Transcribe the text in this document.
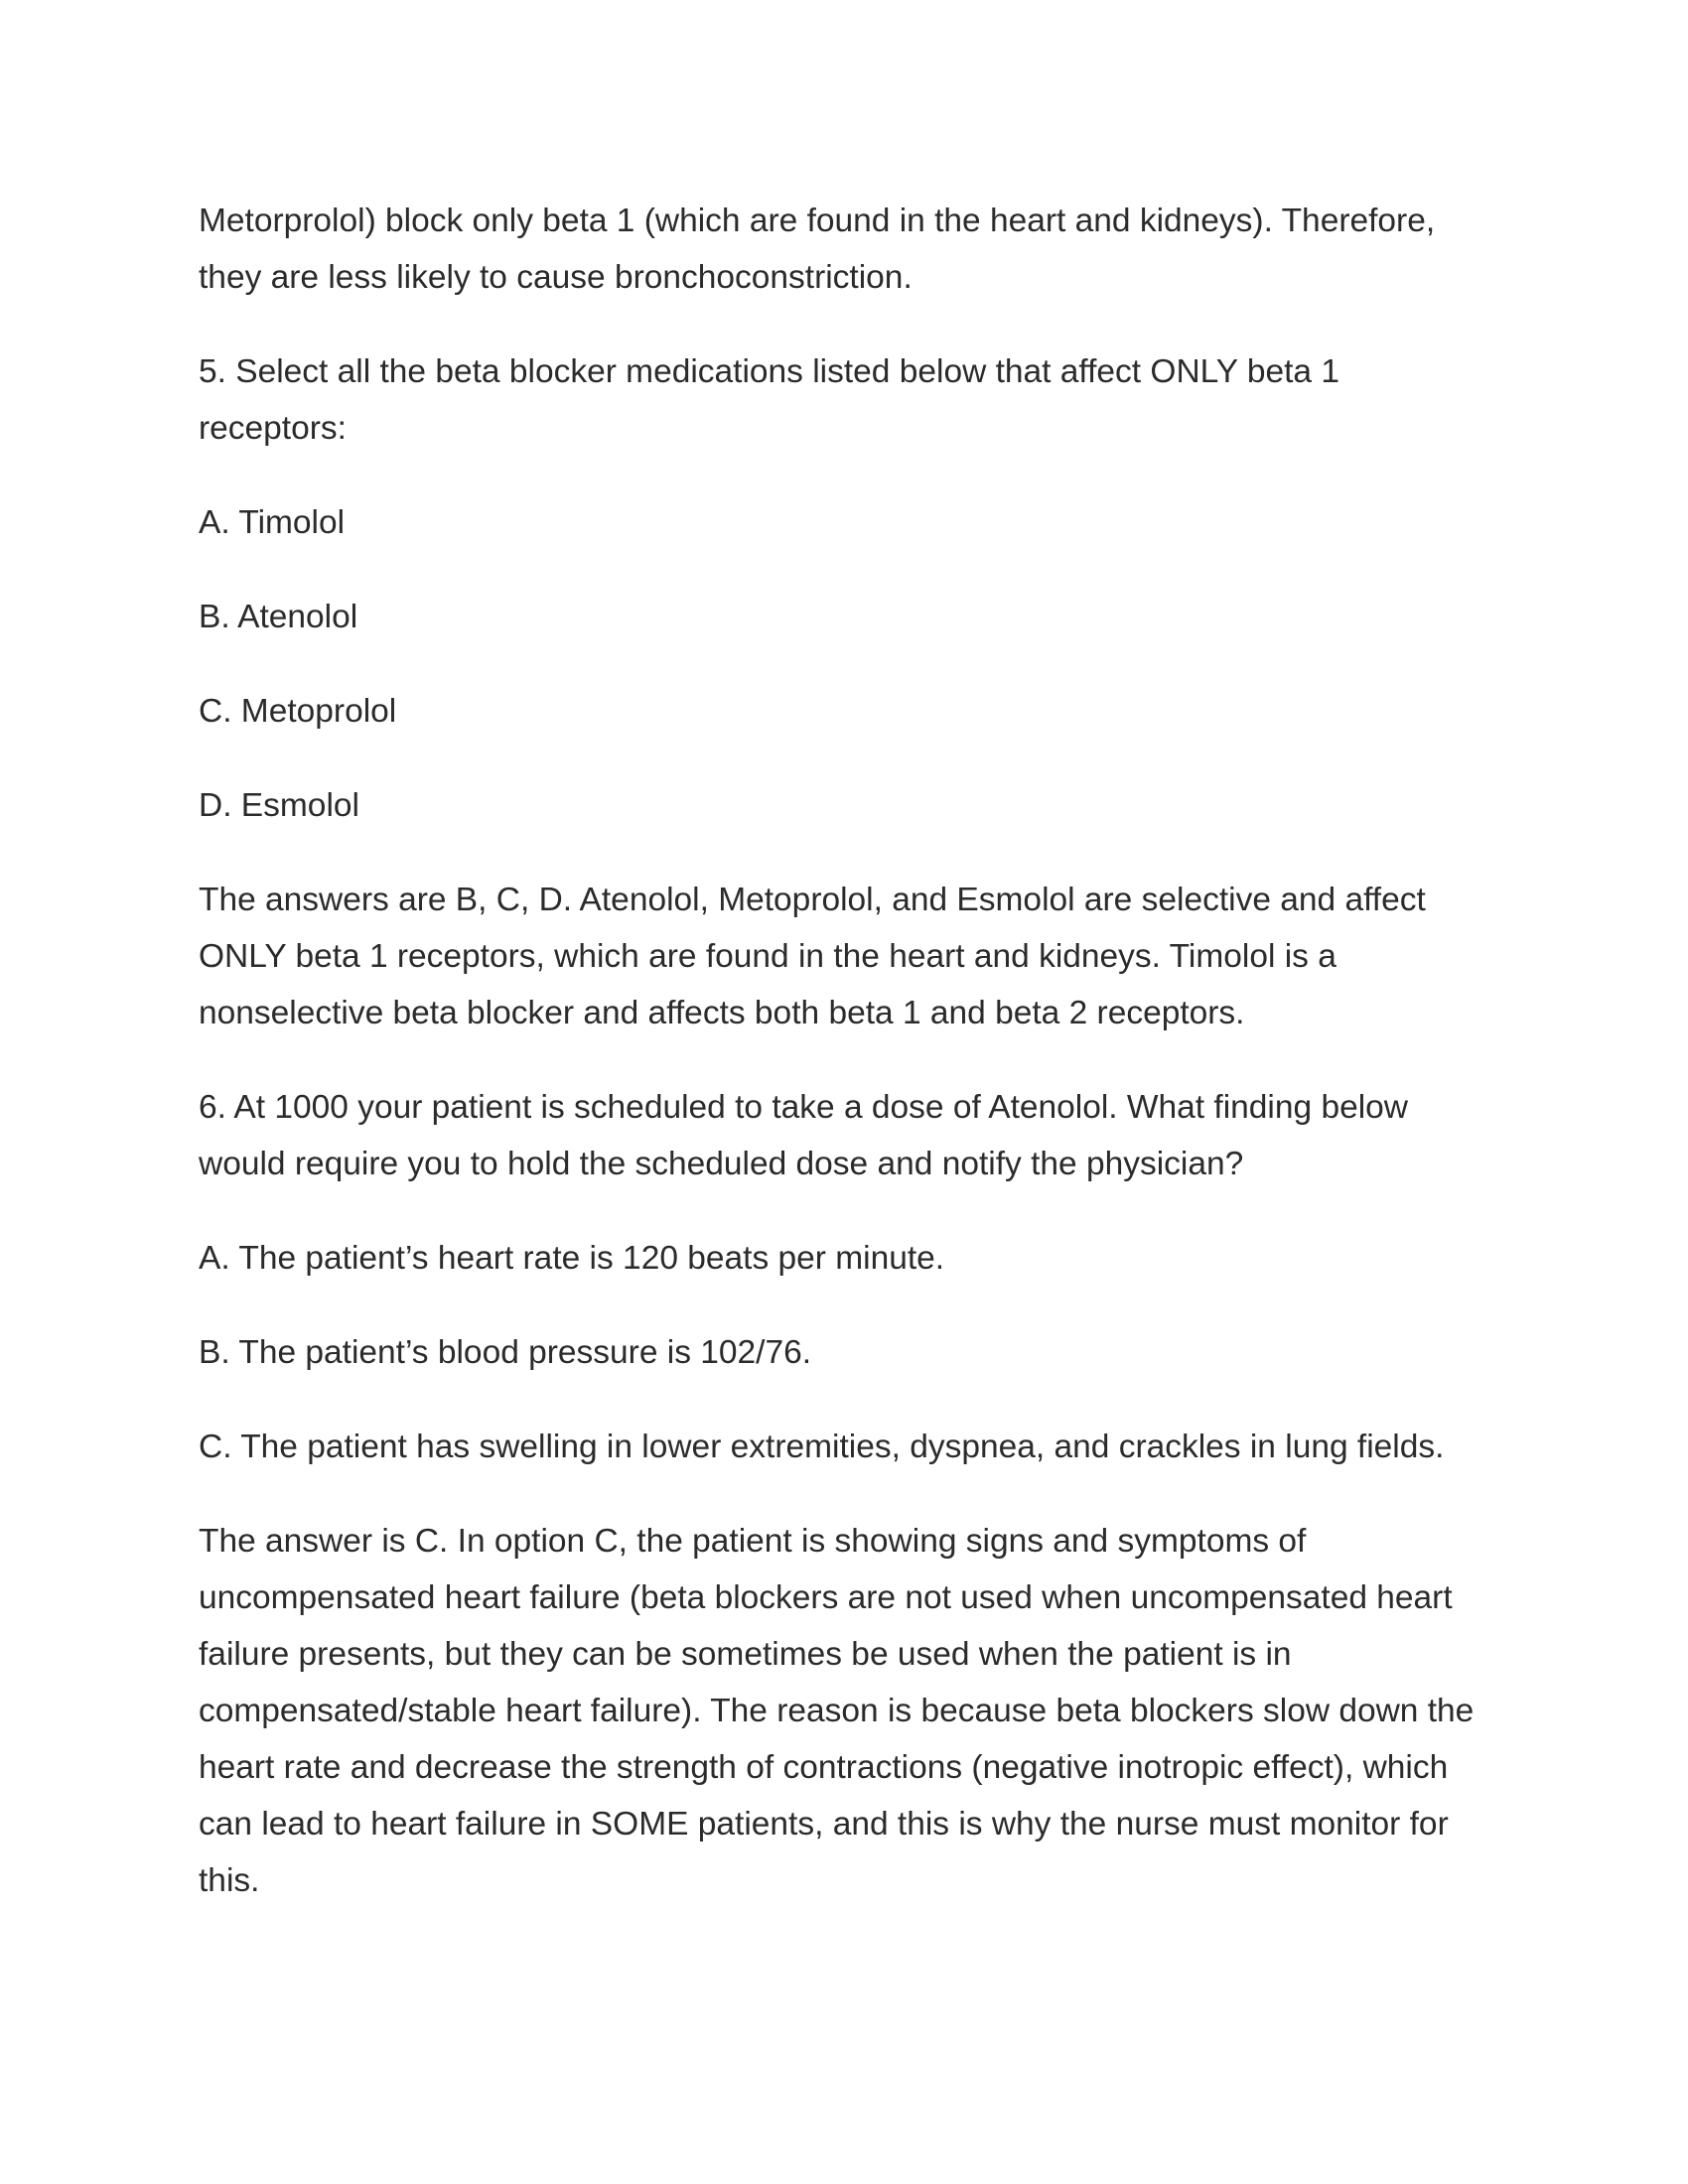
Metorprolol) block only beta 1 (which are found in the heart and kidneys). Therefore, they are less likely to cause bronchoconstriction.

5. Select all the beta blocker medications listed below that affect ONLY beta 1 receptors:

A. Timolol

B. Atenolol

C. Metoprolol

D. Esmolol

The answers are B, C, D. Atenolol, Metoprolol, and Esmolol are selective and affect ONLY beta 1 receptors, which are found in the heart and kidneys. Timolol is a nonselective beta blocker and affects both beta 1 and beta 2 receptors.

6. At 1000 your patient is scheduled to take a dose of Atenolol. What finding below would require you to hold the scheduled dose and notify the physician?

A. The patient’s heart rate is 120 beats per minute.

B. The patient’s blood pressure is 102/76.

C. The patient has swelling in lower extremities, dyspnea, and crackles in lung fields.

The answer is C. In option C, the patient is showing signs and symptoms of uncompensated heart failure (beta blockers are not used when uncompensated heart failure presents, but they can be sometimes be used when the patient is in compensated/stable heart failure). The reason is because beta blockers slow down the heart rate and decrease the strength of contractions (negative inotropic effect), which can lead to heart failure in SOME patients, and this is why the nurse must monitor for this.
